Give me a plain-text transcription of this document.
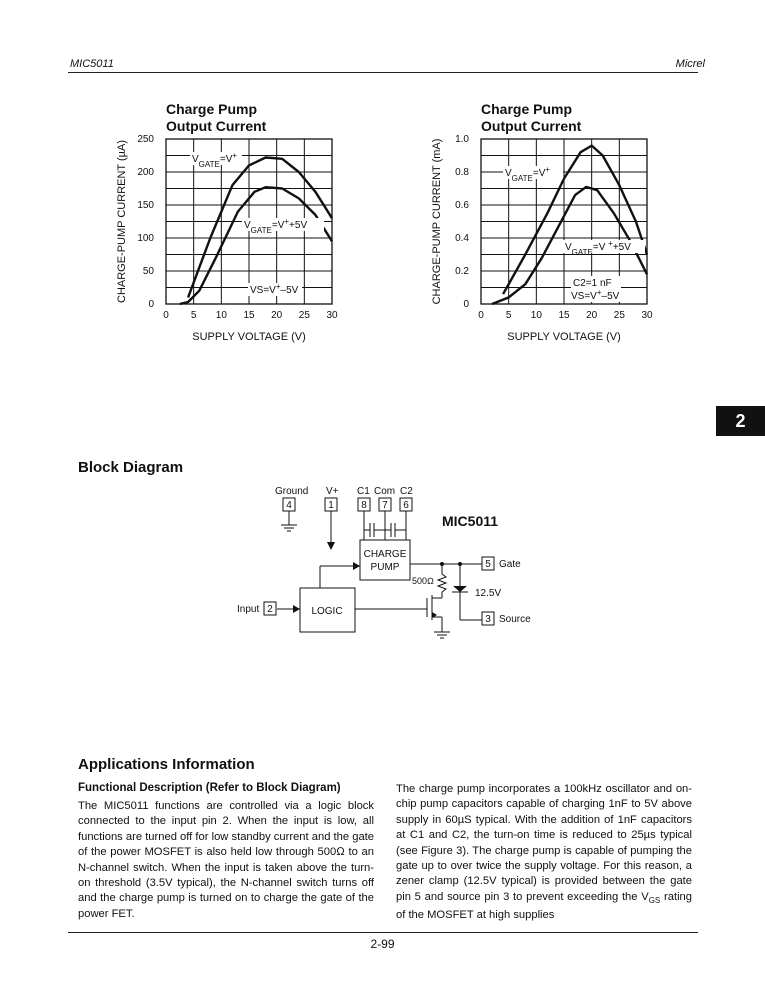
MIC5011	Micrel
Charge Pump
Output Current
0
50
100
150
200
250
0 5 10 15 20 25 30
SUPPLY VOLTAGE (V)
CHARGE-PUMP CURRENT (µA)	$V_{GATE}=V^+$
$V_{GATE}=V^++5V$
VS=V+–5V
Charge Pump
Output Current
0
0.2
0.4
0.6
0.8
1.0
0 5 10 15 20 25 30
SUPPLY VOLTAGE (V)
CHARGE-PUMP CURRENT (mA)	$V_{GATE}=V^+$
$V_{GATE}=V$ ++5V
C2=1 nF
VS=V+–5V
2
Block Diagram
Ground V+ C1 Com C2
4	1	8 7 6
MIC5011
CHARGE
PUMP
LOGIC
500Ω
12.5V
5
3
2
Gate
Source
Input
Applications Information
Functional Description (Refer to Block Diagram)
The MIC5011 functions are controlled via a logic block connected to the input pin 2. When the input is low, all functions are turned off for low standby current and the gate of the power MOSFET is also held low through 500Ω to an N-channel switch. When the input is taken above the turn-on threshold (3.5V typical), the N-channel switch turns off and the charge pump is turned on to charge the gate of the power FET.
The charge pump incorporates a 100kHz oscillator and on-chip pump capacitors capable of charging 1nF to 5V above supply in 60µS typical. With the addition of 1nF capacitors at C1 and C2, the turn-on time is reduced to 25µs typical (see Figure 3). The charge pump is capable of pumping the gate up to over twice the supply voltage. For this reason, a zener clamp (12.5V typical) is provided between the gate pin 5 and source pin 3 to prevent exceeding the $V_{GS}$ rating of the MOSFET at high supplies
2-99
